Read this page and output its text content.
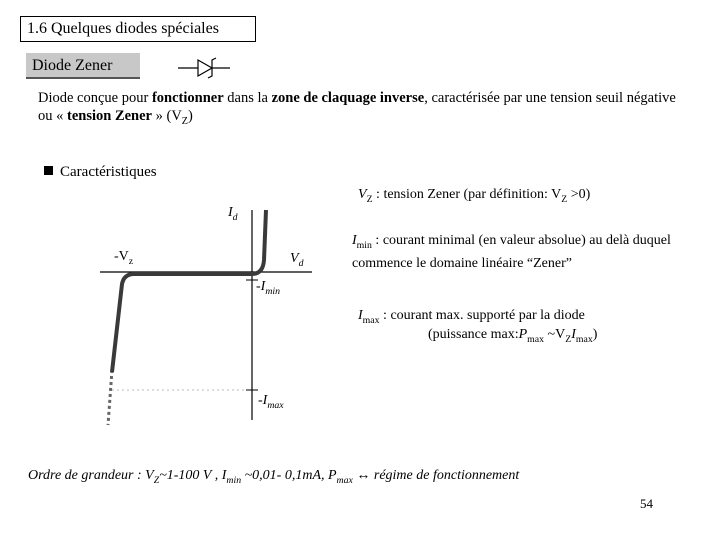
1.6 Quelques diodes spéciales
Diode Zener
Diode conçue pour fonctionner dans la zone de claquage inverse, caractérisée par une tension seuil négative ou « tension Zener » $(V_Z)$
Caractéristiques
$I_d$
$V_d$
$-V_z$
$-I_{min}$
$-I_{max}$
$V_Z$ : tension Zener (par définition: $V_Z >0$)
$I_{min}$ : courant minimal (en valeur absolue) au delà duquel commence le domaine linéaire “Zener”
$I_{max}$ : courant max. supporté par la diode
(puissance $\max:P_{max}$ $\sim V_ZI_{max}$)
Ordre de grandeur : $V_Z\sim 1-100$ V , $I_{min}$ ~0,01- 0,1mA, $P_{max}$ ↔ régime de fonctionnement
54
